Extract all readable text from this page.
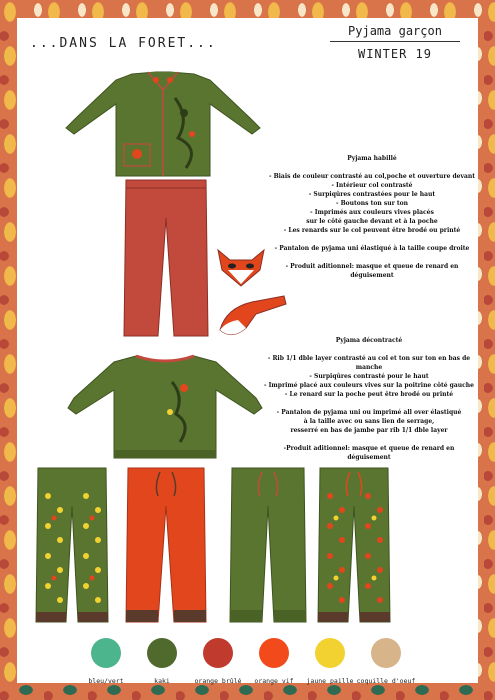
...DANS LA FORET...
Pyjama garçon
WINTER 19
Pyjama habillé
- Biais de couleur contrasté au col,poche et ouverture devant
- Intérieur col contrasté
- Surpiqûres contrastées pour le haut
- Boutons ton sur ton
- Imprimés aux couleurs vives placés
sur le côté gauche devant et à la poche
- Les renards sur le col peuvent être brodé ou printé
- Pantalon de pyjama uni élastiqué à la taille coupe droite
- Produit aditionnel: masque et queue de renard en déguisement
Pyjama décontracté
- Rib 1/1 dble layer contrasté au col et ton sur ton en bas de manche
- Surpiqûres contrasté pour le haut
- Imprimé placé aux couleurs vives sur la poitrine côté gauche
- Le renard sur la poche peut être brodé ou printé
- Pantalon de pyjama uni ou imprimé all over élastiqué
à la taille avec ou sans lien de serrage,
resserré en bas de jambe par rib 1/1 dble layer
-Produit aditionnel: masque et queue de renard en déguisement
bleu/vert	kaki	orange brûlé	orange vif	jaune paille coquille d'oeuf
